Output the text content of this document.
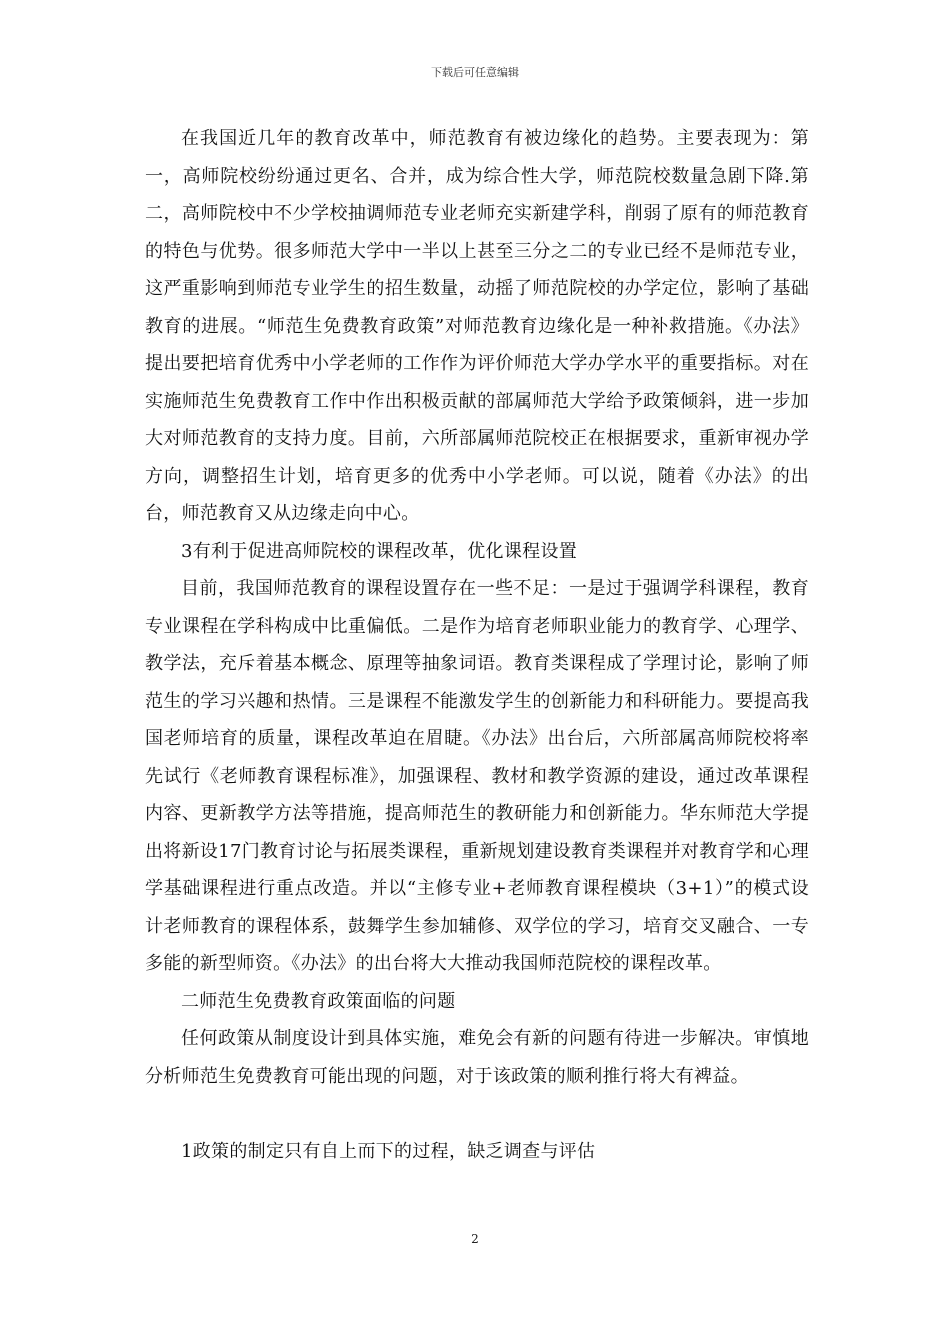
下载后可任意编辑

在我国近几年的教育改革中，师范教育有被边缘化的趋势。主要表现为：第一，高师院校纷纷通过更名、合并，成为综合性大学，师范院校数量急剧下降.第二，高师院校中不少学校抽调师范专业老师充实新建学科，削弱了原有的师范教育的特色与优势。很多师范大学中一半以上甚至三分之二的专业已经不是师范专业，这严重影响到师范专业学生的招生数量，动摇了师范院校的办学定位，影响了基础教育的进展。“师范生免费教育政策”对师范教育边缘化是一种补救措施。《办法》提出要把培育优秀中小学老师的工作作为评价师范大学办学水平的重要指标。对在实施师范生免费教育工作中作出积极贡献的部属师范大学给予政策倾斜，进一步加大对师范教育的支持力度。目前，六所部属师范院校正在根据要求，重新审视办学方向，调整招生计划，培育更多的优秀中小学老师。可以说，随着《办法》的出台，师范教育又从边缘走向中心。

3有利于促进高师院校的课程改革，优化课程设置

目前，我国师范教育的课程设置存在一些不足：一是过于强调学科课程，教育专业课程在学科构成中比重偏低。二是作为培育老师职业能力的教育学、心理学、教学法，充斥着基本概念、原理等抽象词语。教育类课程成了学理讨论，影响了师范生的学习兴趣和热情。三是课程不能激发学生的创新能力和科研能力。要提高我国老师培育的质量，课程改革迫在眉睫。《办法》出台后，六所部属高师院校将率先试行《老师教育课程标准》，加强课程、教材和教学资源的建设，通过改革课程内容、更新教学方法等措施，提高师范生的教研能力和创新能力。华东师范大学提出将新设17门教育讨论与拓展类课程，重新规划建设教育类课程并对教育学和心理学基础课程进行重点改造。并以“主修专业+老师教育课程模块（3+1）”的模式设计老师教育的课程体系，鼓舞学生参加辅修、双学位的学习，培育交叉融合、一专多能的新型师资。《办法》的出台将大大推动我国师范院校的课程改革。

二师范生免费教育政策面临的问题

任何政策从制度设计到具体实施，难免会有新的问题有待进一步解决。审慎地分析师范生免费教育可能出现的问题，对于该政策的顺利推行将大有裨益。

1政策的制定只有自上而下的过程，缺乏调查与评估

2
